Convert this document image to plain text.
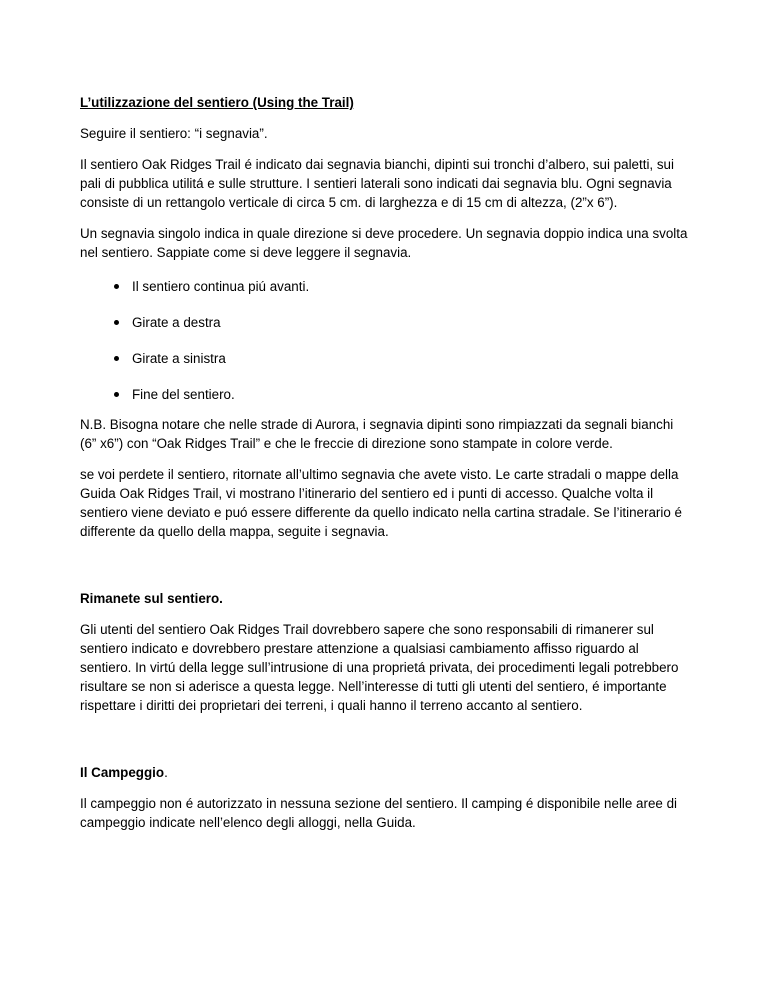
L’utilizzazione del sentiero (Using the Trail)

Seguire il sentiero: “i segnavia”.

Il sentiero Oak Ridges Trail é indicato dai segnavia bianchi, dipinti sui tronchi d’albero, sui paletti, sui pali di pubblica utilitá e sulle strutture. I sentieri laterali sono indicati dai segnavia blu. Ogni segnavia consiste di un rettangolo verticale di circa 5 cm. di larghezza e di 15 cm di altezza, (2”x 6”).

Un segnavia singolo indica in quale direzione si deve procedere. Un segnavia doppio indica una svolta nel sentiero. Sappiate come si deve leggere il segnavia.

Il sentiero continua piú avanti.
Girate a destra
Girate a sinistra
Fine del sentiero.

N.B. Bisogna notare che nelle strade di Aurora, i segnavia dipinti sono rimpiazzati da segnali bianchi (6” x6”) con “Oak Ridges Trail” e che le freccie di direzione sono stampate in colore verde.

se voi perdete il sentiero, ritornate all’ultimo segnavia che avete visto. Le carte stradali o mappe della Guida Oak Ridges Trail, vi mostrano l’itinerario del sentiero ed i punti di accesso. Qualche volta il sentiero viene deviato e puó essere differente da quello indicato nella cartina stradale. Se l’itinerario é differente da quello della mappa, seguite i segnavia.

Rimanete sul sentiero.

Gli utenti del sentiero Oak Ridges Trail dovrebbero sapere che sono responsabili di rimanerer sul sentiero indicato e dovrebbero prestare attenzione a qualsiasi cambiamento affisso riguardo al sentiero. In virtú della legge sull’intrusione di una proprietá privata, dei procedimenti legali potrebbero risultare se non si aderisce a questa legge. Nell’interesse di tutti gli utenti del sentiero, é importante rispettare i diritti dei proprietari dei terreni, i quali hanno il terreno accanto al sentiero.

Il Campeggio.

Il campeggio non é autorizzato in nessuna sezione del sentiero. Il camping é disponibile nelle aree di campeggio indicate nell’elenco degli alloggi, nella Guida.
